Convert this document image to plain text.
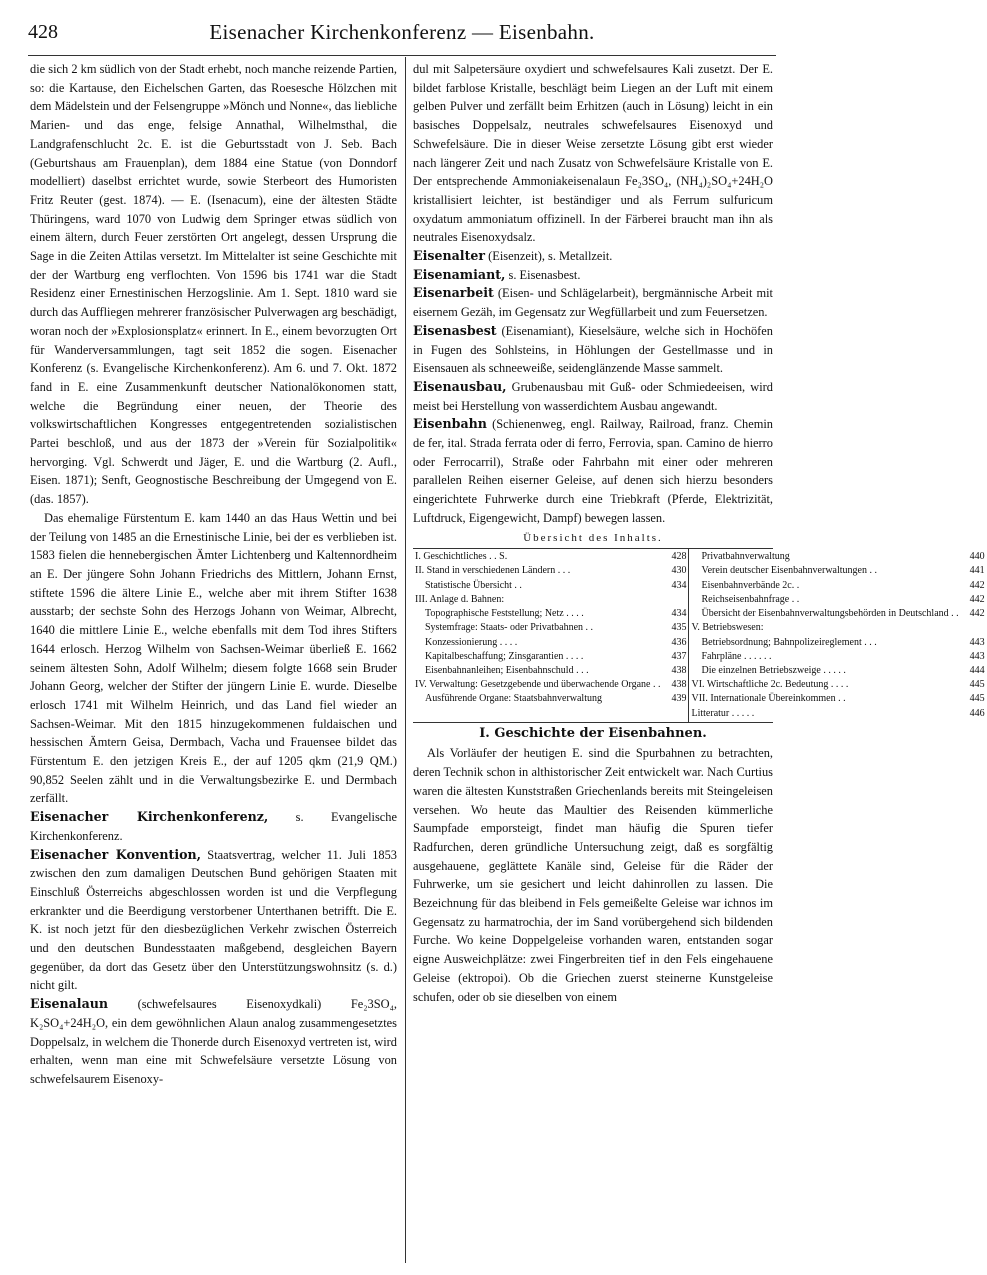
428	Eisenacher Kirchenkonferenz — Eisenbahn.

die sich 2 km südlich von der Stadt erhebt, noch manche reizende Partien, so: die Kartause, den Eichelschen Garten, das Roesesche Hölzchen mit dem Mädelstein und der Felsengruppe »Mönch und Nonne«, das liebliche Marien- und das enge, felsige Annathal, Wilhelmsthal, die Landgrafenschlucht 2c. E. ist die Geburtsstadt von J. Seb. Bach (Geburtshaus am Frauenplan), dem 1884 eine Statue (von Donndorf modelliert) daselbst errichtet wurde, sowie Sterbeort des Humoristen Fritz Reuter (gest. 1874). — E. (Isenacum), eine der ältesten Städte Thüringens, ward 1070 von Ludwig dem Springer etwas südlich von einem ältern, durch Feuer zerstörten Ort angelegt, dessen Ursprung die Sage in die Zeiten Attilas versetzt. Im Mittelalter ist seine Geschichte mit der der Wartburg eng verflochten. Von 1596 bis 1741 war die Stadt Residenz einer Ernestinischen Herzogslinie. Am 1. Sept. 1810 ward sie durch das Auffliegen mehrerer französischer Pulverwagen arg beschädigt, woran noch der »Explosionsplatz« erinnert. In E., einem bevorzugten Ort für Wanderversammlungen, tagt seit 1852 die sogen. Eisenacher Konferenz (s. Evangelische Kirchenkonferenz). Am 6. und 7. Okt. 1872 fand in E. eine Zusammenkunft deutscher Nationalökonomen statt, welche die Begründung einer neuen, der Theorie des volkswirtschaftlichen Kongresses entgegentretenden sozialistischen Partei beschloß, und aus der 1873 der »Verein für Sozialpolitik« hervorging. Vgl. Schwerdt und Jäger, E. und die Wartburg (2. Aufl., Eisen. 1871); Senft, Geognostische Beschreibung der Umgegend von E. (das. 1857).

Das ehemalige Fürstentum E. kam 1440 an das Haus Wettin und bei der Teilung von 1485 an die Ernestinische Linie, bei der es verblieben ist. 1583 fielen die hennebergischen Ämter Lichtenberg und Kaltennordheim an E. Der jüngere Sohn Johann Friedrichs des Mittlern, Johann Ernst, stiftete 1596 die ältere Linie E., welche aber mit ihrem Stifter 1638 ausstarb; der sechste Sohn des Herzogs Johann von Weimar, Albrecht, 1640 die mittlere Linie E., welche ebenfalls mit dem Tod ihres Stifters 1644 erlosch. Herzog Wilhelm von Sachsen-Weimar überließ E. 1662 seinem ältesten Sohn, Adolf Wilhelm; diesem folgte 1668 sein Bruder Johann Georg, welcher der Stifter der jüngern Linie E. wurde. Dieselbe erlosch 1741 mit Wilhelm Heinrich, und das Land fiel wieder an Sachsen-Weimar. Mit den 1815 hinzugekommenen fuldaischen und hessischen Ämtern Geisa, Dermbach, Vacha und Frauensee bildet das Fürstentum E. den jetzigen Kreis E., der auf 1205 qkm (21,9 QM.) 90,852 Seelen zählt und in die Verwaltungsbezirke E. und Dermbach zerfällt.

Eisenacher Kirchenkonferenz, s. Evangelische Kirchenkonferenz.

Eisenacher Konvention, Staatsvertrag, welcher 11. Juli 1853 zwischen den zum damaligen Deutschen Bund gehörigen Staaten mit Einschluß Österreichs abgeschlossen worden ist und die Verpflegung erkrankter und die Beerdigung verstorbener Unterthanen betrifft. Die E. K. ist noch jetzt für den diesbezüglichen Verkehr zwischen Österreich und den deutschen Bundesstaaten maßgebend, desgleichen Bayern gegenüber, da dort das Gesetz über den Unterstützungswohnsitz (s. d.) nicht gilt.

Eisenalaun (schwefelsaures Eisenoxydkali) Fe₂3SO₄, K₂SO₄+24H₂O, ein dem gewöhnlichen Alaun analog zusammengesetztes Doppelsalz, in welchem die Thonerde durch Eisenoxyd vertreten ist, wird erhalten, wenn man eine mit Schwefelsäure versetzte Lösung von schwefelsaurem Eisenoxy-

dul mit Salpetersäure oxydiert und schwefelsaures Kali zusetzt. Der E. bildet farblose Kristalle, beschlägt beim Liegen an der Luft mit einem gelben Pulver und zerfällt beim Erhitzen (auch in Lösung) leicht in ein basisches Doppelsalz, neutrales schwefelsaures Eisenoxyd und Schwefelsäure. Die in dieser Weise zersetzte Lösung gibt erst wieder nach längerer Zeit und nach Zusatz von Schwefelsäure Kristalle von E. Der entsprechende Ammoniakeisenalaun Fe₂3SO₄, (NH₄)₂SO₄+24H₂O kristallisiert leichter, ist beständiger und als Ferrum sulfuricum oxydatum ammoniatum offizinell. In der Färberei braucht man ihn als neutrales Eisenoxydsalz.

Eisenalter (Eisenzeit), s. Metallzeit.

Eisenamiant, s. Eisenasbest.

Eisenarbeit (Eisen- und Schlägelarbeit), bergmännische Arbeit mit eisernem Gezäh, im Gegensatz zur Wegfüllarbeit und zum Feuersetzen.

Eisenasbest (Eisenamiant), Kieselsäure, welche sich in Hochöfen in Fugen des Sohlsteins, in Höhlungen der Gestellmasse und in Eisensauen als schneeweiße, seidenglänzende Masse sammelt.

Eisenausbau, Grubenausbau mit Guß- oder Schmiedeeisen, wird meist bei Herstellung von wasserdichtem Ausbau angewandt.

Eisenbahn (Schienenweg, engl. Railway, Railroad, franz. Chemin de fer, ital. Strada ferrata oder di ferro, Ferrovia, span. Camino de hierro oder Ferrocarril), Straße oder Fahrbahn mit einer oder mehreren parallelen Reihen eiserner Geleise, auf denen sich hierzu besonders eingerichtete Fuhrwerke durch eine Triebkraft (Pferde, Elektrizität, Luftdruck, Eigengewicht, Dampf) bewegen lassen.

Übersicht des Inhalts.
I. Geschichtliches . . S.	428
II. Stand in verschiedenen Ländern . . .	430
Statistische Übersicht . .	434
III. Anlage d. Bahnen:
Topographische Feststellung; Netz . . . .	434
Systemfrage: Staats- oder Privatbahnen . .	435
Konzessionierung . . . .	436
Kapitalbeschaffung; Zinsgarantien . . . .	437
Eisenbahnanleihen; Eisenbahnschuld . . .	438
IV. Verwaltung: Gesetzgebende und überwachende Organe . .	438
Ausführende Organe: Staatsbahnverwaltung	439
Privatbahnverwaltung	440
Verein deutscher Eisenbahnverwaltungen . .	441
Eisenbahnverbände 2c. .	442
Reichseisenbahnfrage . .	442
Übersicht der Eisenbahnverwaltungsbehörden in Deutschland . .	442
V. Betriebswesen:
Betriebsordnung; Bahnpolizeireglement . . .	443
Fahrpläne . . . . . .	443
Die einzelnen Betriebszweige . . . . .	444
VI. Wirtschaftliche 2c. Bedeutung . . . .	445
VII. Internationale Übereinkommen . .	445
Litteratur . . . . .	446
I. Geschichte der Eisenbahnen.

Als Vorläufer der heutigen E. sind die Spurbahnen zu betrachten, deren Technik schon in althistorischer Zeit entwickelt war. Nach Curtius waren die ältesten Kunststraßen Griechenlands bereits mit Steingeleisen versehen. Wo heute das Maultier des Reisenden kümmerliche Saumpfade emporsteigt, findet man häufig die Spuren tiefer Radfurchen, deren gründliche Untersuchung zeigt, daß es sorgfältig ausgehauene, geglättete Kanäle sind, Geleise für die Räder der Fuhrwerke, um sie gesichert und leicht dahinrollen zu lassen. Die Bezeichnung für das bleibend in Fels gemeißelte Geleise war ichnos im Gegensatz zu harmatrochia, der im Sand vorübergehend sich bildenden Furche. Wo keine Doppelgeleise vorhanden waren, entstanden sogar eigne Ausweichplätze: zwei Fingerbreiten tief in den Fels eingehauene Geleise (ektropoi). Ob die Griechen zuerst steinerne Kunstgeleise schufen, oder ob sie dieselben von einem
